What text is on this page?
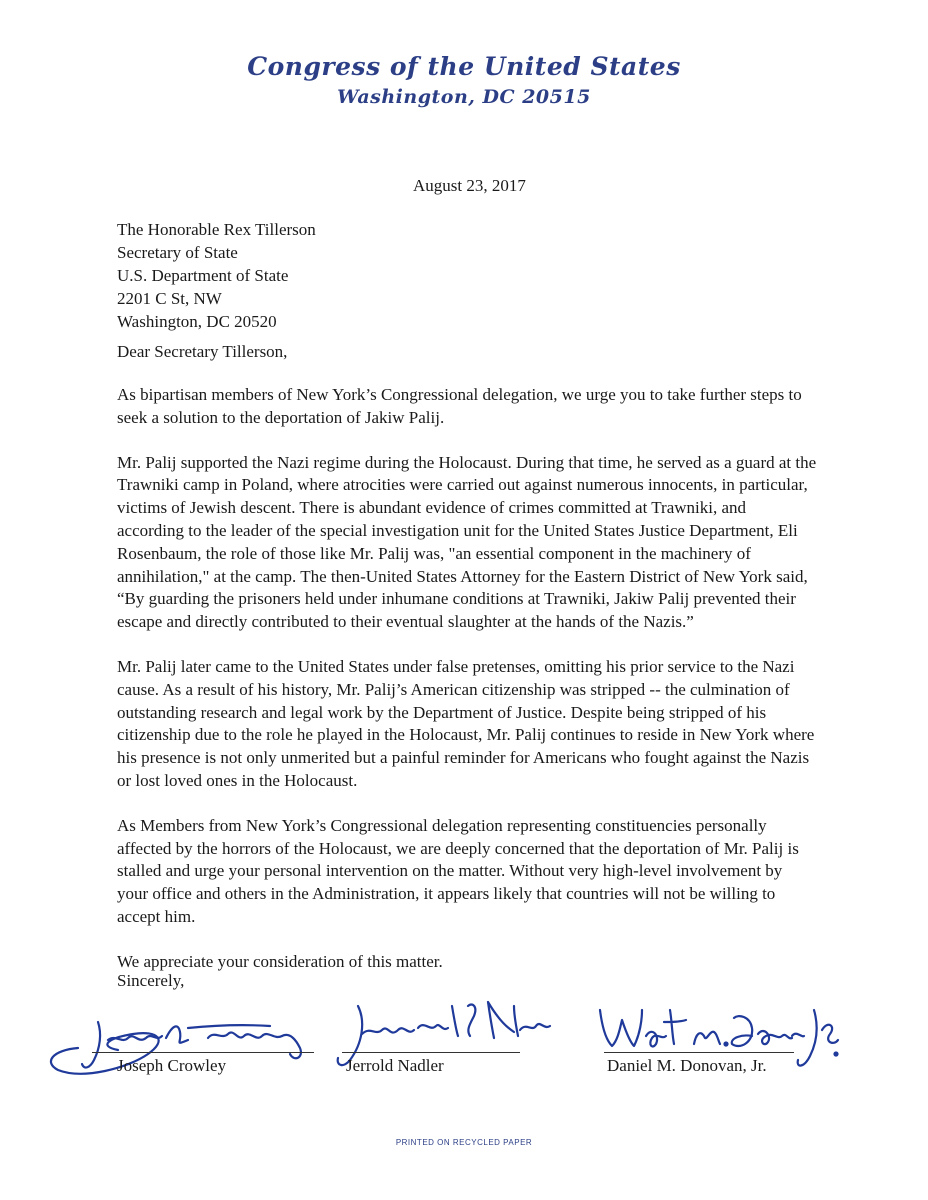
Congress of the United States
Washington, DC 20515
August 23, 2017
The Honorable Rex Tillerson
Secretary of State
U.S. Department of State
2201 C St, NW
Washington, DC 20520
Dear Secretary Tillerson,

As bipartisan members of New York’s Congressional delegation, we urge you to take further steps to seek a solution to the deportation of Jakiw Palij.

Mr. Palij supported the Nazi regime during the Holocaust. During that time, he served as a guard at the Trawniki camp in Poland, where atrocities were carried out against numerous innocents, in particular, victims of Jewish descent. There is abundant evidence of crimes committed at Trawniki, and according to the leader of the special investigation unit for the United States Justice Department, Eli Rosenbaum, the role of those like Mr. Palij was, "an essential component in the machinery of annihilation," at the camp. The then-United States Attorney for the Eastern District of New York said, “By guarding the prisoners held under inhumane conditions at Trawniki, Jakiw Palij prevented their escape and directly contributed to their eventual slaughter at the hands of the Nazis.”

Mr. Palij later came to the United States under false pretenses, omitting his prior service to the Nazi cause. As a result of his history, Mr. Palij’s American citizenship was stripped -- the culmination of outstanding research and legal work by the Department of Justice. Despite being stripped of his citizenship due to the role he played in the Holocaust, Mr. Palij continues to reside in New York where his presence is not only unmerited but a painful reminder for Americans who fought against the Nazis or lost loved ones in the Holocaust.

As Members from New York’s Congressional delegation representing constituencies personally affected by the horrors of the Holocaust, we are deeply concerned that the deportation of Mr. Palij is stalled and urge your personal intervention on the matter. Without very high-level involvement by your office and others in the Administration, it appears likely that countries will not be willing to accept him.

We appreciate your consideration of this matter.

Sincerely,
Joseph Crowley	Jerrold Nadler	Daniel M. Donovan, Jr.
PRINTED ON RECYCLED PAPER
